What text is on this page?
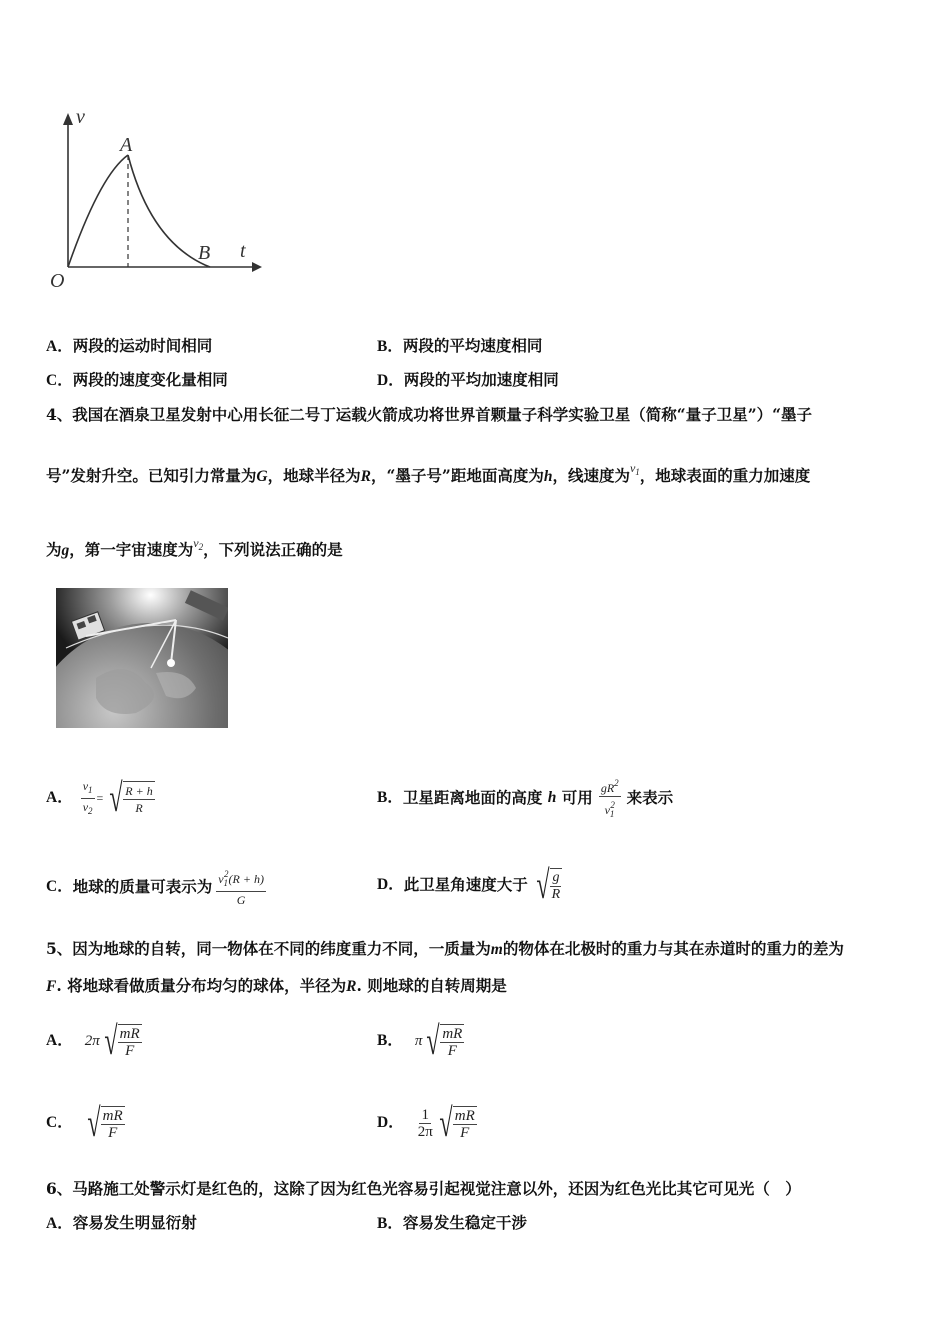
v
t
O
A
B
A．两段的运动时间相同	B．两段的平均速度相同
C．两段的速度变化量相同	D．两段的平均加速度相同
4、我国在酒泉卫星发射中心用长征二号丁运载火箭成功将世界首颗量子科学实验卫星（简称“量子卫星”）“墨子
号”发射升空。已知引力常量为G，地球半径为R，“墨子号”距地面高度为h，线速度为$^{v_1}$，地球表面的重力加速度
为g，第一宇宙速度为$^{v_2}$，下列说法正确的是
A． $\frac{v_1}{v_2}$ = √ $\frac{R + h}{R}$	B． 卫星距离地面的高度
h
可用 $\frac{gR^2}{v_1^2}$ 来表示
C． 地球的质量可表示为 $\frac{v_1^2(R + h)}{G}$	D． 此卫星角速度大于 √ $\frac{g}{R}$
5、因为地球的自转，同一物体在不同的纬度重力不同，一质量为m的物体在北极时的重力与其在赤道时的重力的差为
F. 将地球看做质量分布均匀的球体，半径为R. 则地球的自转周期是
A． 2π √ $\frac{mR}{F}$	B． π √ $\frac{mR}{F}$
C． √ $\frac{mR}{F}$	D． $\frac{1}{2\pi}$ √ $\frac{mR}{F}$
6、马路施工处警示灯是红色的，这除了因为红色光容易引起视觉注意以外，还因为红色光比其它可见光（　）
A．容易发生明显衍射	B．容易发生稳定干涉
